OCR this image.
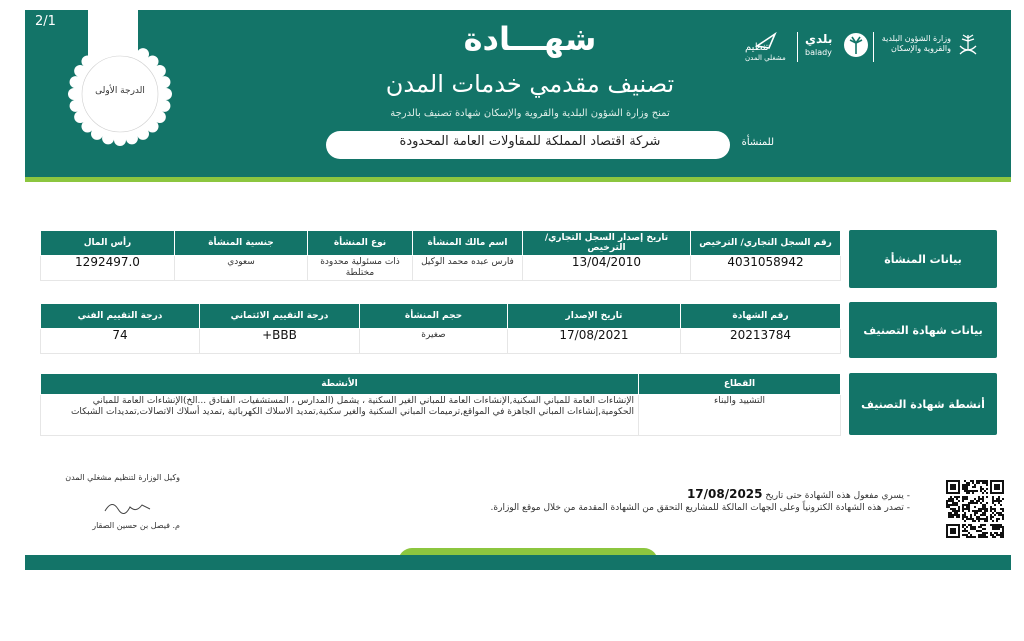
2/1
الدرجة الأولى
شهـــادة
تصنيف مقدمي خدمات المدن
تمنح وزارة الشؤون البلدية والقروية والإسكان شهادة تصنيف بالدرجة
شركة اقتصاد المملكة للمقاولات العامة المحدودة	للمنشأة
تنظيم
مشغلي المدن
بلدي
balady
وزارة الشؤون البلدية والقروية والإسكان
بيانات المنشأة
بيانات شهادة التصنيف
أنشطة شهادة التصنيف
رقم السجل التجاري/ الترخيص	تاريخ إصدار السجل التجاري/ الترخيص	اسم مالك المنشأة	نوع المنشأة	جنسية المنشأة	رأس المال
4031058942	13/04/2010	فارس عبده محمد الوكيل	ذات مسئولية محدودة مختلطة	سعودي	1292497.0
رقم الشهادة	تاريخ الإصدار	حجم المنشأة	درجة التقييم الائتماني	درجة التقييم الفني
20213784	17/08/2021	صغيرة	BBB+	74
القطاع	الأنشطة
التشييد والبناء	الإنشاءات العامة للمباني السكنية,الإنشاءات العامة للمباني الغير السكنية ، يشمل (المدارس ، المستشفيات، الفنادق ...الخ)الإنشاءات العامة للمباني الحكومية,إنشاءات المباني الجاهزة في المواقع,ترميمات المباني السكنية والغير سكنية,تمديد الاسلاك الكهربائية ,تمديد أسلاك الاتصالات,تمديدات الشبكات
وكيل الوزارة لتنظيم مشغلي المدن
م. فيصل بن حسين الصقار
- يسري مفعول هذه الشهادة حتى تاريخ 17/08/2025
- تصدر هذه الشهادة الكترونياً وعلى الجهات المالكة للمشاريع التحقق من الشهادة المقدمة من خلال موقع الوزارة.
